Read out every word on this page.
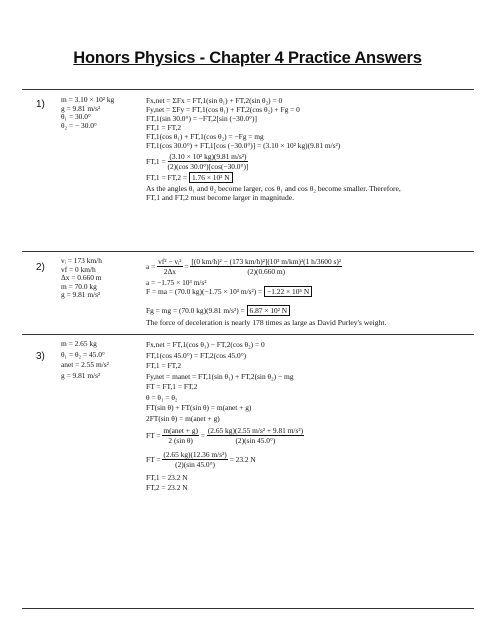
Honors Physics - Chapter 4 Practice Answers
1) m = 3.10 × 10² kg
g = 9.81 m/s²
θ₁ = 30.0°
θ₂ = − 30.0°
Fx,net = ΣFx = FT,1(sin θ₁) + FT,2(sin θ₂) = 0
Fy,net = ΣFy = FT,1(cos θ₁) + FT,2(cos θ₂) + Fg = 0
FT,1(sin 30.0°) = −FT,2[sin (−30.0°)]
FT,1 = FT,2
FT,1(cos θ₁) + FT,1(cos θ₂) = −Fg = mg
FT,1(cos 30.0°) + FT,1[cos (−30.0°)] = (3.10 × 10² kg)(9.81 m/s²)
$FT,1 = \frac{\text{(3.10 × 10² kg)(9.81 m/s²)}}{(2)(\cos 30.0^\circ)[\cos(-30.0^\circ)]}$
FT,1 = FT,2 = 1.76 × 10³ N
As the angles θ₁ and θ₂ become larger, cos θ₁ and cos θ₂ become smaller. Therefore,
FT,1 and FT,2 must become larger in magnitude.
2)
vᵢ = 173 km/h
vf = 0 km/h
Δx = 0.660 m
m = 70.0 kg
g = 9.81 m/s²
$a = \frac{\text{vf² − vᵢ²}}{2\Delta x} = \frac{\text{[(0 km/h)² − (173 km/h)²](10³ m/km)²(1 h/3600 s)²}}{(2)(0.660 m)}$
a = −1.75 × 10³ m/s²
F = ma = (70.0 kg)(−1.75 × 10³ m/s²) = −1.22 × 10⁵ N
Fg = mg = (70.0 kg)(9.81 m/s²) = 6.87 × 10² N
The force of deceleration is nearly 178 times as large as David Purley's weight.
3)
m = 2.65 kg
θ₁ = θ₂ = 45.0°
anet = 2.55 m/s²
g = 9.81 m/s²
Fx,net = FT,1(cos θ₁) − FT,2(cos θ₂) = 0
FT,1(cos 45.0°) = FT,2(cos 45.0°)
FT,1 = FT,2
Fy,net = manet = FT,1(sin θ₁) + FT,2(sin θ₂) − mg
FT = FT,1 = FT,2
θ = θ₁ = θ₂
FT(sin θ) + FT(sin θ) = m(anet + g)
2FT(sin θ) = m(anet + g)
FT = $\frac{\text{m(anet + g)}}{\text{2 (sin θ)}} = \frac{\text{(2.65 kg)(2.55 m/s² + 9.81 m/s²)}}{(2)(\sin 45.0^\circ)}$
FT = $\frac{\text{(2.65 kg)(12.36 m/s²)}}{(2)(\sin 45.0^\circ)} = 23.2$ N
FT,1 = 23.2 N
FT,2 = 23.2 N
